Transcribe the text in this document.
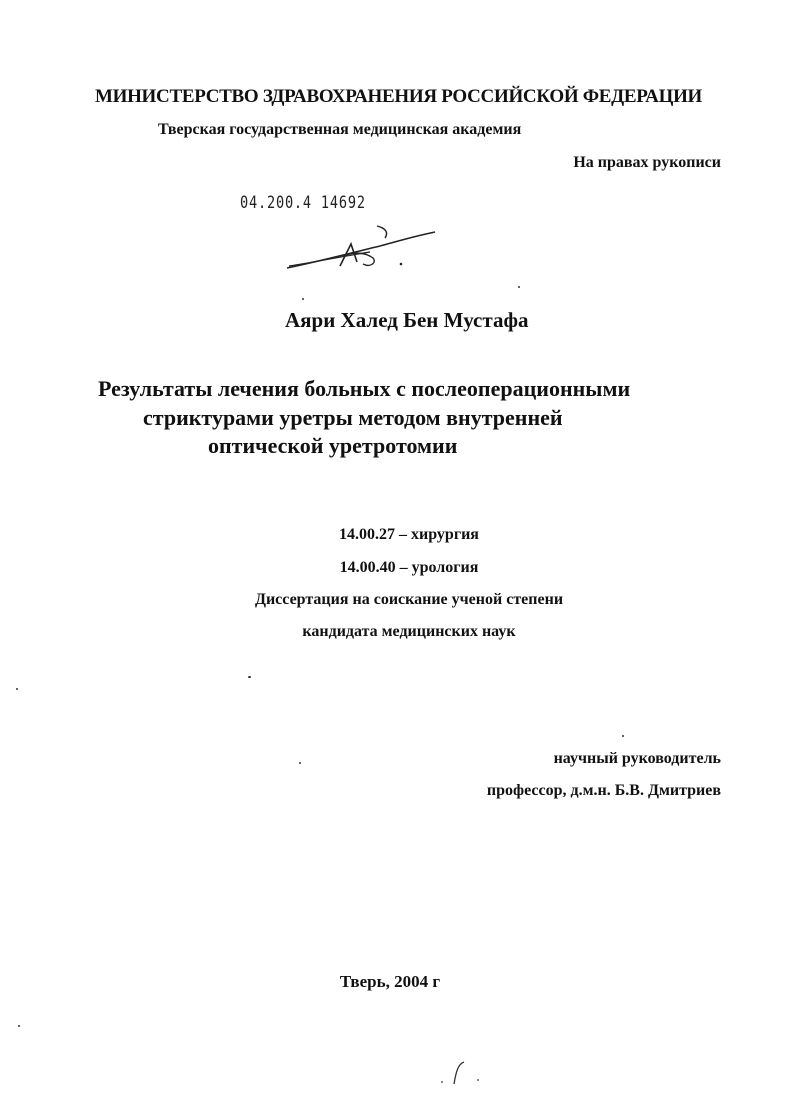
МИНИСТЕРСТВО ЗДРАВОХРАНЕНИЯ РОССИЙСКОЙ ФЕДЕРАЦИИ
Тверская государственная медицинская академия
На правах рукописи
04.200.4 14692
Аяри Халед Бен Мустафа
Результаты лечения больных с послеоперационными
стриктурами уретры методом внутренней
оптической уретротомии
14.00.27 – хирургия
14.00.40 – урология
Диссертация на соискание ученой степени
кандидата медицинских наук
научный руководитель
профессор, д.м.н. Б.В. Дмитриев
Тверь, 2004 г
